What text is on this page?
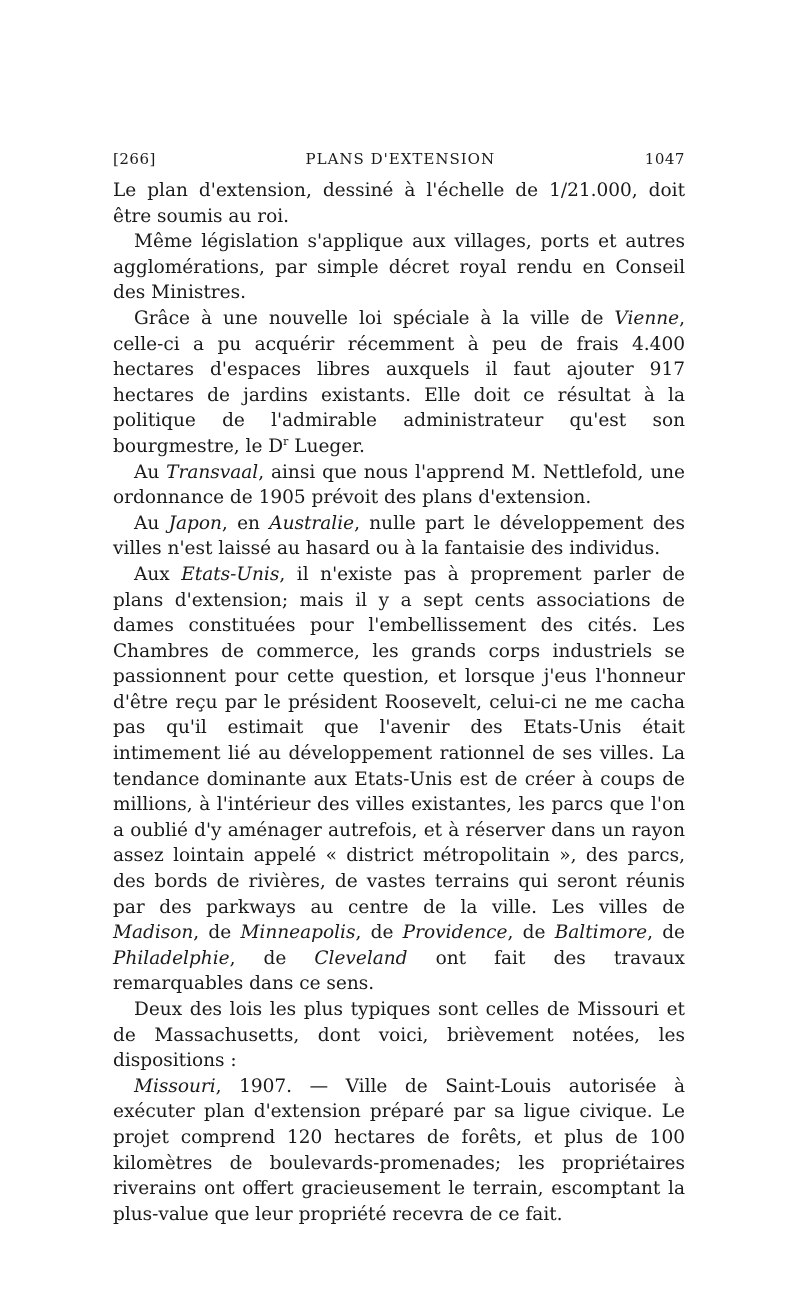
[266]	PLANS D'EXTENSION	1047

Le plan d'extension, dessiné à l'échelle de 1/21.000, doit être soumis au roi.

Même législation s'applique aux villages, ports et autres agglomérations, par simple décret royal rendu en Conseil des Ministres.

Grâce à une nouvelle loi spéciale à la ville de Vienne, celle-ci a pu acquérir récemment à peu de frais 4.400 hectares d'espaces libres auxquels il faut ajouter 917 hectares de jardins existants. Elle doit ce résultat à la politique de l'admirable administrateur qu'est son bourgmestre, le $D^r$ Lueger.

Au Transvaal, ainsi que nous l'apprend M. Nettlefold, une ordonnance de 1905 prévoit des plans d'extension.

Au Japon, en Australie, nulle part le développement des villes n'est laissé au hasard ou à la fantaisie des individus.

Aux Etats-Unis, il n'existe pas à proprement parler de plans d'extension; mais il y a sept cents associations de dames constituées pour l'embellissement des cités. Les Chambres de commerce, les grands corps industriels se passionnent pour cette question, et lorsque j'eus l'honneur d'être reçu par le président Roosevelt, celui-ci ne me cacha pas qu'il estimait que l'avenir des Etats-Unis était intimement lié au développement rationnel de ses villes. La tendance dominante aux Etats-Unis est de créer à coups de millions, à l'intérieur des villes existantes, les parcs que l'on a oublié d'y aménager autrefois, et à réserver dans un rayon assez lointain appelé « district métropolitain », des parcs, des bords de rivières, de vastes terrains qui seront réunis par des parkways au centre de la ville. Les villes de Madison, de Minneapolis, de Providence, de Baltimore, de Philadelphie, de Cleveland ont fait des travaux remarquables dans ce sens.

Deux des lois les plus typiques sont celles de Missouri et de Massachusetts, dont voici, brièvement notées, les dispositions :

Missouri, 1907. — Ville de Saint-Louis autorisée à exécuter plan d'extension préparé par sa ligue civique. Le projet comprend 120 hectares de forêts, et plus de 100 kilomètres de boulevards-promenades; les propriétaires riverains ont offert gracieusement le terrain, escomptant la plus-value que leur propriété recevra de ce fait.
